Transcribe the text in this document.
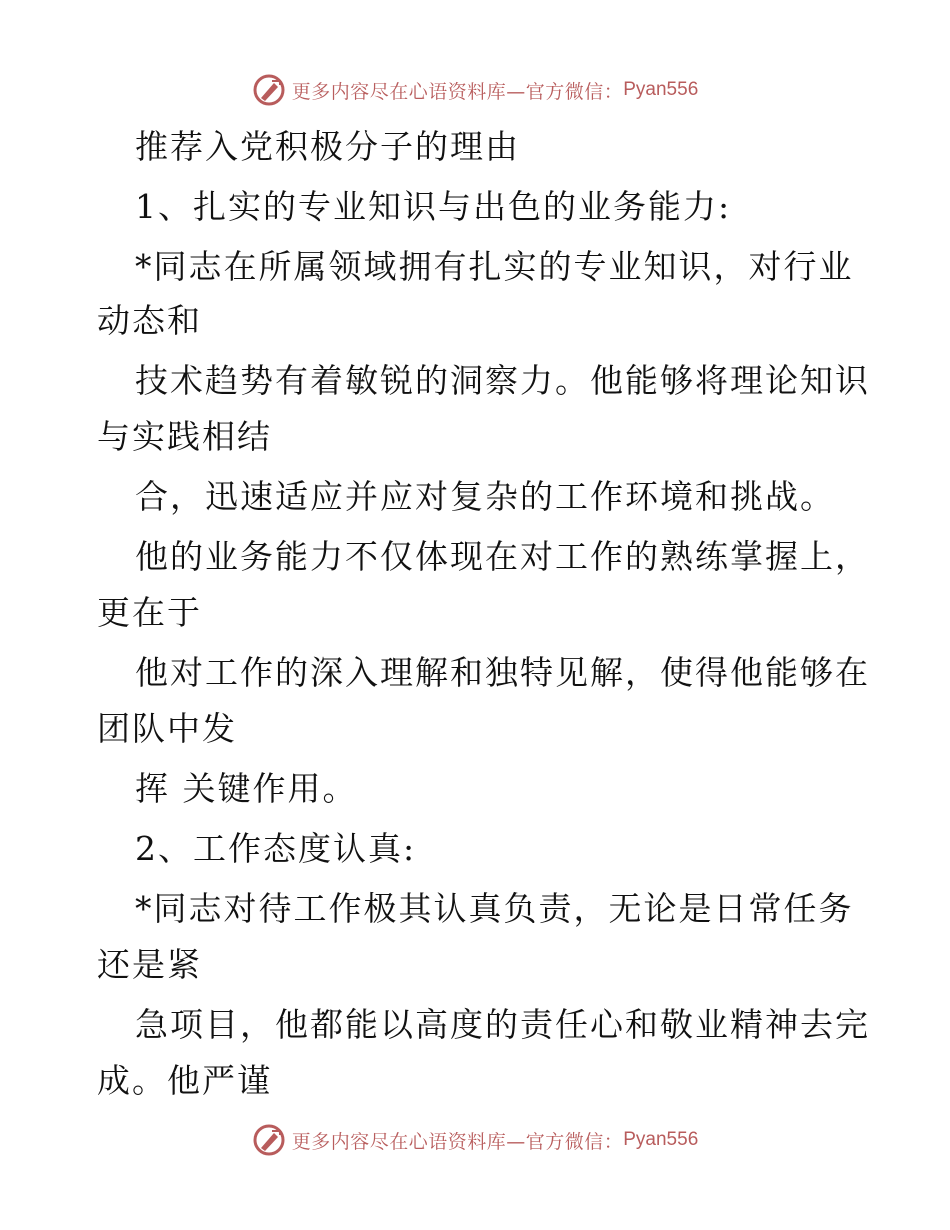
更多内容尽在心语资料库—官方微信： Pyan556
推荐入党积极分子的理由
1、扎实的专业知识与出色的业务能力:
*同志在所属领域拥有扎实的专业知识，对行业
动态和
技术趋势有着敏锐的洞察力。他能够将理论知识
与实践相结
合，迅速适应并应对复杂的工作环境和挑战。
他的业务能力不仅体现在对工作的熟练掌握上，
更在于
他对工作的深入理解和独特见解，使得他能够在
团队中发
挥 关键作用。
2、工作态度认真:
*同志对待工作极其认真负责，无论是日常任务
还是紧
急项目，他都能以高度的责任心和敬业精神去完
成。他严谨
更多内容尽在心语资料库—官方微信： Pyan556
